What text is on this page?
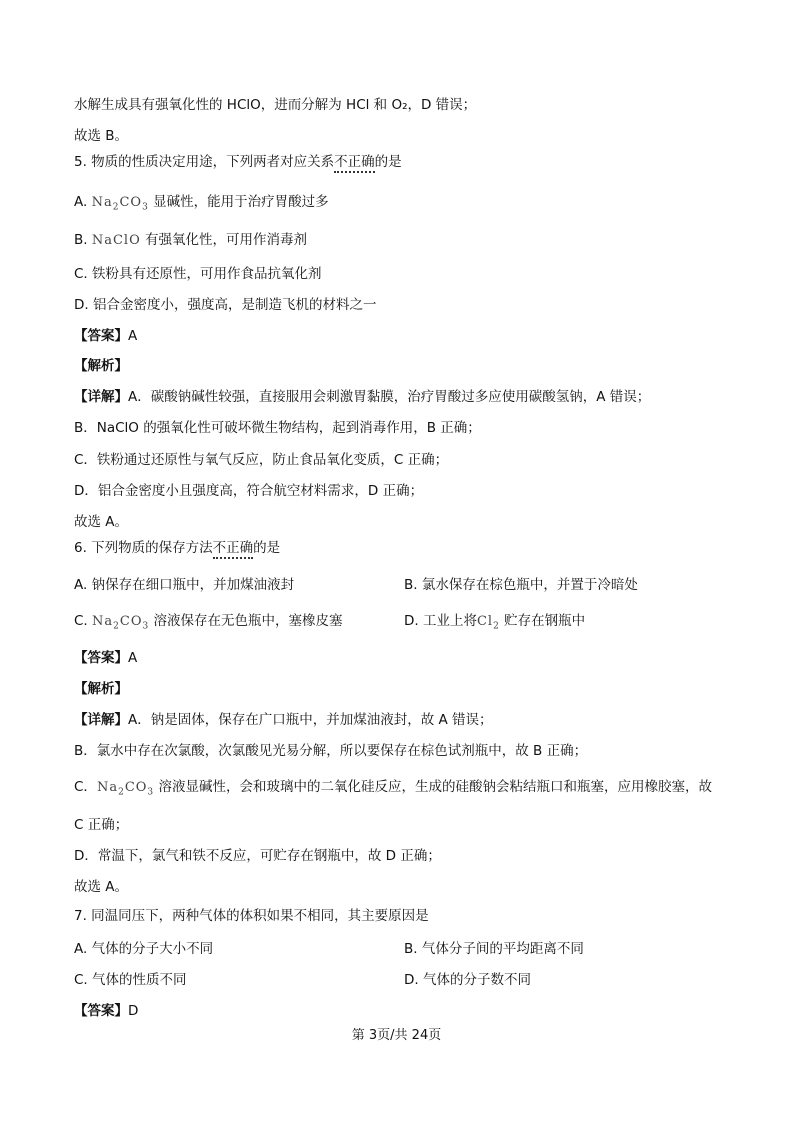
水解生成具有强氧化性的 HClO，进而分解为 HCl 和 O₂，D 错误；
故选 B。
5. 物质的性质决定用途，下列两者对应关系不正确的是
A. $Na_2CO_3$ 显碱性，能用于治疗胃酸过多
B. NaClO 有强氧化性，可用作消毒剂
C. 铁粉具有还原性，可用作食品抗氧化剂
D. 铝合金密度小，强度高，是制造飞机的材料之一
【答案】A
【解析】
【详解】A．碳酸钠碱性较强，直接服用会刺激胃黏膜，治疗胃酸过多应使用碳酸氢钠，A 错误；
B．NaClO 的强氧化性可破坏微生物结构，起到消毒作用，B 正确；
C．铁粉通过还原性与氧气反应，防止食品氧化变质，C 正确；
D．铝合金密度小且强度高，符合航空材料需求，D 正确；
故选 A。
6. 下列物质的保存方法不正确的是
A. 钠保存在细口瓶中，并加煤油液封	B. 氯水保存在棕色瓶中，并置于冷暗处
C. $Na_2CO_3$ 溶液保存在无色瓶中，塞橡皮塞	D. 工业上将$Cl_2$ 贮存在钢瓶中
【答案】A
【解析】
【详解】A．钠是固体，保存在广口瓶中，并加煤油液封，故 A 错误；
B．氯水中存在次氯酸，次氯酸见光易分解，所以要保存在棕色试剂瓶中，故 B 正确；
C．$Na_2CO_3$ 溶液显碱性，会和玻璃中的二氧化硅反应，生成的硅酸钠会粘结瓶口和瓶塞，应用橡胶塞，故
C 正确；
D．常温下，氯气和铁不反应，可贮存在钢瓶中，故 D 正确；
故选 A。
7. 同温同压下，两种气体的体积如果不相同，其主要原因是
A. 气体的分子大小不同	B. 气体分子间的平均距离不同
C. 气体的性质不同	D. 气体的分子数不同
【答案】D
第 3页/共 24页
